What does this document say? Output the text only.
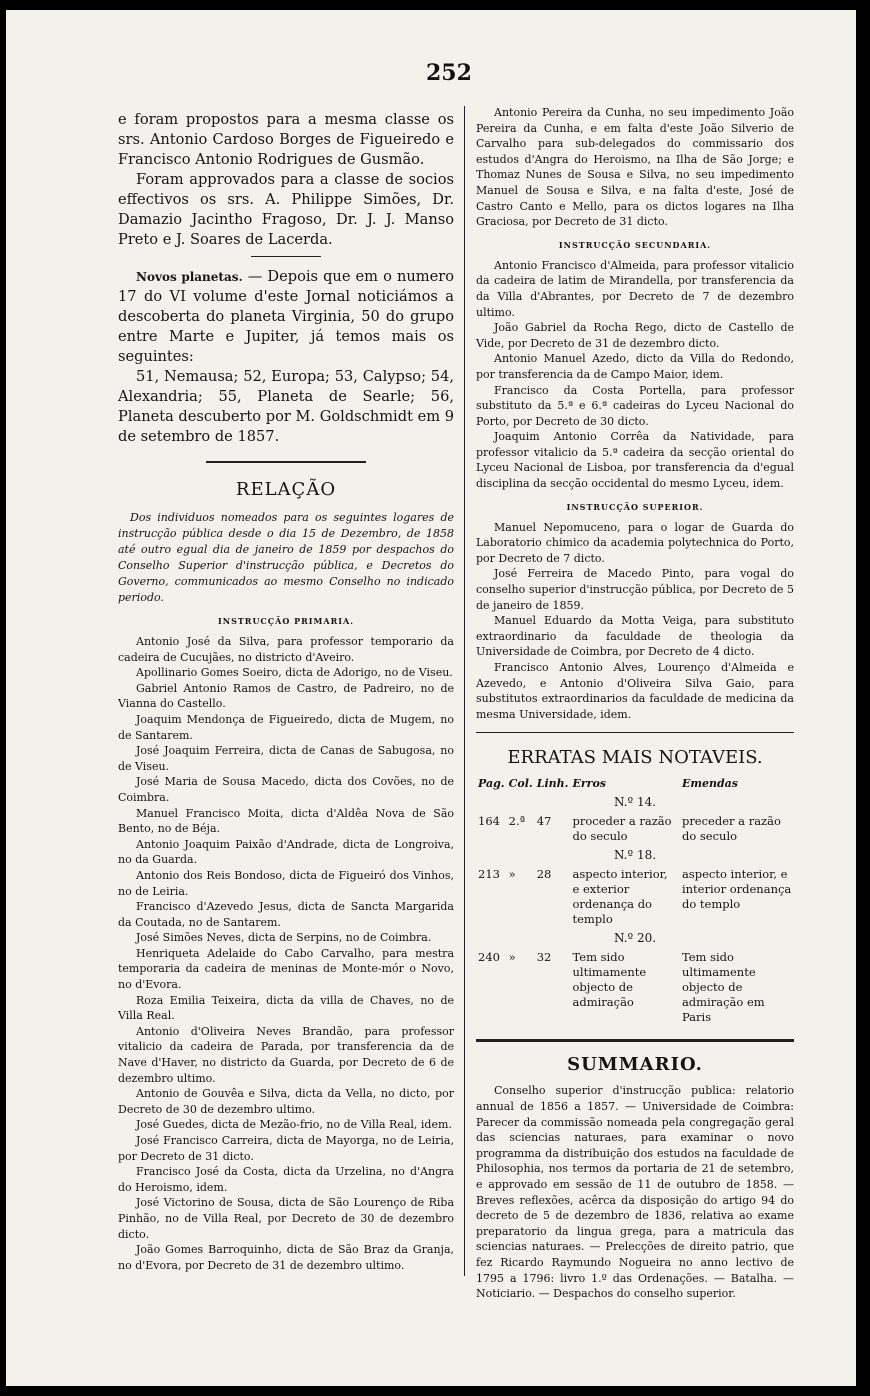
252

e foram propostos para a mesma classe os srs. Antonio Cardoso Borges de Figueiredo e Francisco Antonio Rodrigues de Gusmão.

Foram approvados para a classe de socios effectivos os srs. A. Philippe Simões, Dr. Damazio Jacintho Fragoso, Dr. J. J. Manso Preto e J. Soares de Lacerda.

Novos planetas. — Depois que em o numero 17 do VI volume d'este Jornal noticiámos a descoberta do planeta Virginia, 50 do grupo entre Marte e Jupiter, já temos mais os seguintes:

51, Nemausa; 52, Europa; 53, Calypso; 54, Alexandria; 55, Planeta de Searle; 56, Planeta descuberto por M. Goldschmidt em 9 de setembro de 1857.

RELAÇÃO

Dos individuos nomeados para os seguintes logares de instrucção pública desde o dia 15 de Dezembro, de 1858 até outro egual dia de janeiro de 1859 por despachos do Conselho Superior d'instrucção pública, e Decretos do Governo, communicados ao mesmo Conselho no indicado periodo.

INSTRUCÇÃO PRIMARIA.

Antonio José da Silva, para professor temporario da cadeira de Cucujães, no districto d'Aveiro.

Apollinario Gomes Soeiro, dicta de Adorigo, no de Viseu.

Gabriel Antonio Ramos de Castro, de Padreiro, no de Vianna do Castello.

Joaquim Mendonça de Figueiredo, dicta de Mugem, no de Santarem.

José Joaquim Ferreira, dicta de Canas de Sabugosa, no de Viseu.

José Maria de Sousa Macedo, dicta dos Covões, no de Coimbra.

Manuel Francisco Moita, dicta d'Aldêa Nova de São Bento, no de Béja.

Antonio Joaquim Paixão d'Andrade, dicta de Longroiva, no da Guarda.

Antonio dos Reis Bondoso, dicta de Figueiró dos Vinhos, no de Leiria.

Francisco d'Azevedo Jesus, dicta de Sancta Margarida da Coutada, no de Santarem.

José Simões Neves, dicta de Serpins, no de Coimbra.

Henriqueta Adelaide do Cabo Carvalho, para mestra temporaria da cadeira de meninas de Monte-mór o Novo, no d'Evora.

Roza Emilia Teixeira, dicta da villa de Chaves, no de Villa Real.

Antonio d'Oliveira Neves Brandão, para professor vitalicio da cadeira de Parada, por transferencia da de Nave d'Haver, no districto da Guarda, por Decreto de 6 de dezembro ultimo.

Antonio de Gouvêa e Silva, dicta da Vella, no dicto, por Decreto de 30 de dezembro ultimo.

José Guedes, dicta de Mezão-frio, no de Villa Real, idem.

José Francisco Carreira, dicta de Mayorga, no de Leiria, por Decreto de 31 dicto.

Francisco José da Costa, dicta da Urzelina, no d'Angra do Heroismo, idem.

José Victorino de Sousa, dicta de São Lourenço de Riba Pinhão, no de Villa Real, por Decreto de 30 de dezembro dicto.

João Gomes Barroquinho, dicta de São Braz da Granja, no d'Evora, por Decreto de 31 de dezembro ultimo.

Antonio Pereira da Cunha, no seu impedimento João Pereira da Cunha, e em falta d'este João Silverio de Carvalho para sub-delegados do commissario dos estudos d'Angra do Heroismo, na Ilha de São Jorge; e Thomaz Nunes de Sousa e Silva, no seu impedimento Manuel de Sousa e Silva, e na falta d'este, José de Castro Canto e Mello, para os dictos logares na Ilha Graciosa, por Decreto de 31 dicto.

INSTRUCÇÃO SECUNDARIA.

Antonio Francisco d'Almeida, para professor vitalicio da cadeira de latim de Mirandella, por transferencia da da Villa d'Abrantes, por Decreto de 7 de dezembro ultimo.

João Gabriel da Rocha Rego, dicto de Castello de Vide, por Decreto de 31 de dezembro dicto.

Antonio Manuel Azedo, dicto da Villa do Redondo, por transferencia da de Campo Maior, idem.

Francisco da Costa Portella, para professor substituto da 5.ª e 6.ª cadeiras do Lyceu Nacional do Porto, por Decreto de 30 dicto.

Joaquim Antonio Corrêa da Natividade, para professor vitalicio da 5.ª cadeira da secção oriental do Lyceu Nacional de Lisboa, por transferencia da d'egual disciplina da secção occidental do mesmo Lyceu, idem.

INSTRUCÇÃO SUPERIOR.

Manuel Nepomuceno, para o logar de Guarda do Laboratorio chimico da academia polytechnica do Porto, por Decreto de 7 dicto.

José Ferreira de Macedo Pinto, para vogal do conselho superior d'instrucção pública, por Decreto de 5 de janeiro de 1859.

Manuel Eduardo da Motta Veiga, para substituto extraordinario da faculdade de theologia da Universidade de Coimbra, por Decreto de 4 dicto.

Francisco Antonio Alves, Lourenço d'Almeida e Azevedo, e Antonio d'Oliveira Silva Gaio, para substitutos extraordinarios da faculdade de medicina da mesma Universidade, idem.

ERRATAS MAIS NOTAVEIS.

Pag.	Col.	Linh.	Erros	Emendas
N.º 14.				
164	2.ª	47	proceder a razão do seculo	preceder a razão do seculo
N.º 18.				
213	»	28	aspecto interior, e exterior ordenança do templo	aspecto interior, e interior ordenança do templo
N.º 20.				
240	»	32	Tem sido ultimamente objecto de admiração	Tem sido ultimamente objecto de admiração em Paris

SUMMARIO.

Conselho superior d'instrucção publica: relatorio annual de 1856 a 1857. — Universidade de Coimbra: Parecer da commissão nomeada pela congregação geral das sciencias naturaes, para examinar o novo programma da distribuição dos estudos na faculdade de Philosophia, nos termos da portaria de 21 de setembro, e approvado em sessão de 11 de outubro de 1858. — Breves reflexões, acêrca da disposição do artigo 94 do decreto de 5 de dezembro de 1836, relativa ao exame preparatorio da lingua grega, para a matricula das sciencias naturaes. — Prelecções de direito patrio, que fez Ricardo Raymundo Nogueira no anno lectivo de 1795 a 1796: livro 1.º das Ordenações. — Batalha. — Noticiario. — Despachos do conselho superior.
